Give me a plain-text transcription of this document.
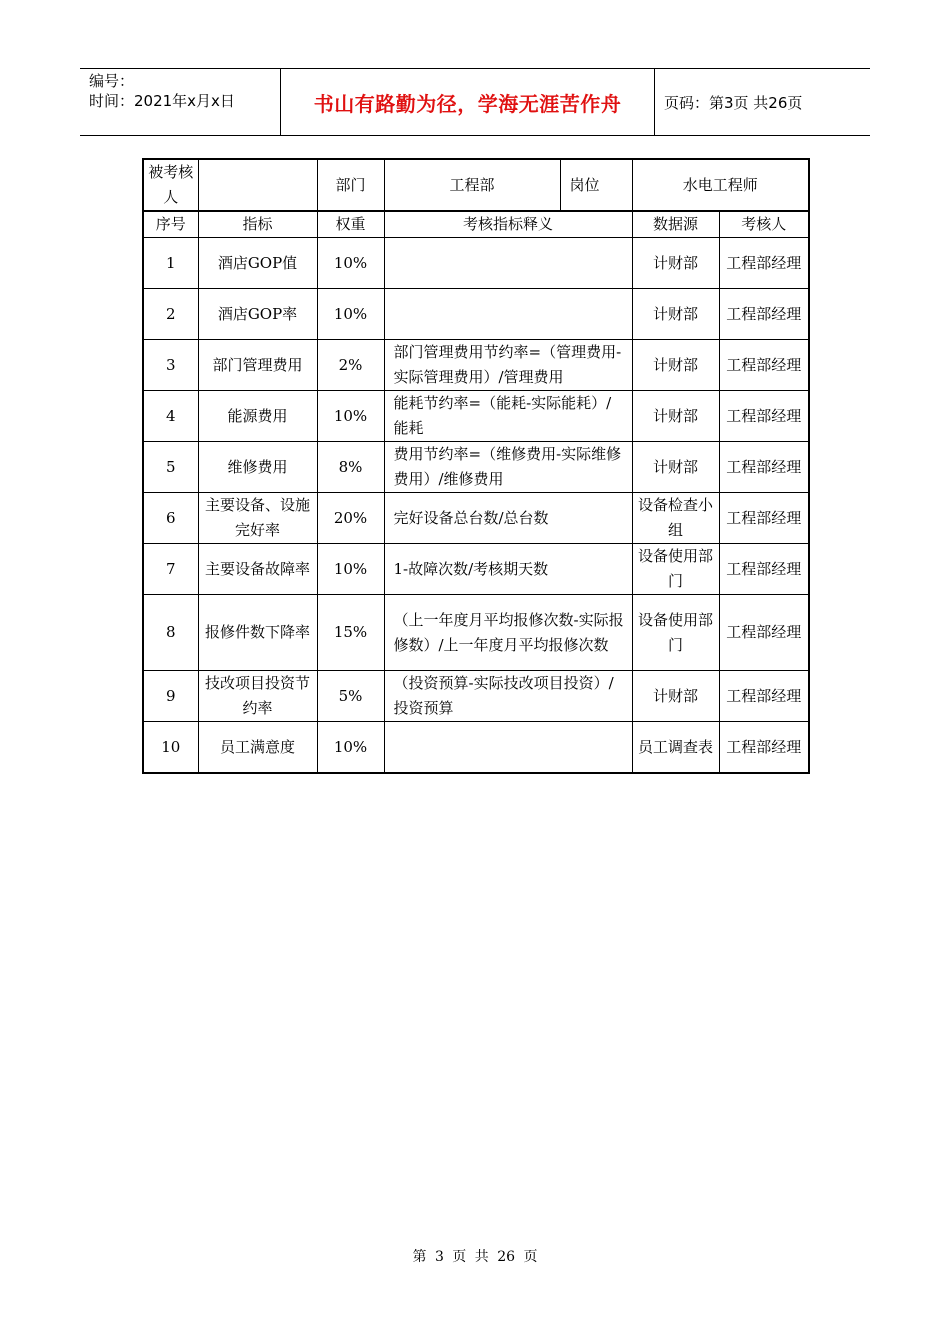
编号：
时间：2021年x月x日	书山有路勤为径，学海无涯苦作舟	页码：第3页 共26页
被考核人		部门	工程部	岗位	水电工程师	
序号	指标	权重	考核指标释义		数据源	考核人
1	酒店GOP值	10%			计财部	工程部经理
2	酒店GOP率	10%			计财部	工程部经理
3	部门管理费用	2%	部门管理费用节约率=（管理费用-实际管理费用）/管理费用		计财部	工程部经理
4	能源费用	10%	能耗节约率=（能耗-实际能耗）/能耗		计财部	工程部经理
5	维修费用	8%	费用节约率=（维修费用-实际维修费用）/维修费用		计财部	工程部经理
6	主要设备、设施完好率	20%	完好设备总台数/总台数		设备检查小组	工程部经理
7	主要设备故障率	10%	1-故障次数/考核期天数		设备使用部门	工程部经理
8	报修件数下降率	15%	（上一年度月平均报修次数-实际报修数）/上一年度月平均报修次数		设备使用部门	工程部经理
9	技改项目投资节约率	5%	（投资预算-实际技改项目投资）/投资预算		计财部	工程部经理
10	员工满意度	10%			员工调查表	工程部经理
第 3 页 共 26 页
